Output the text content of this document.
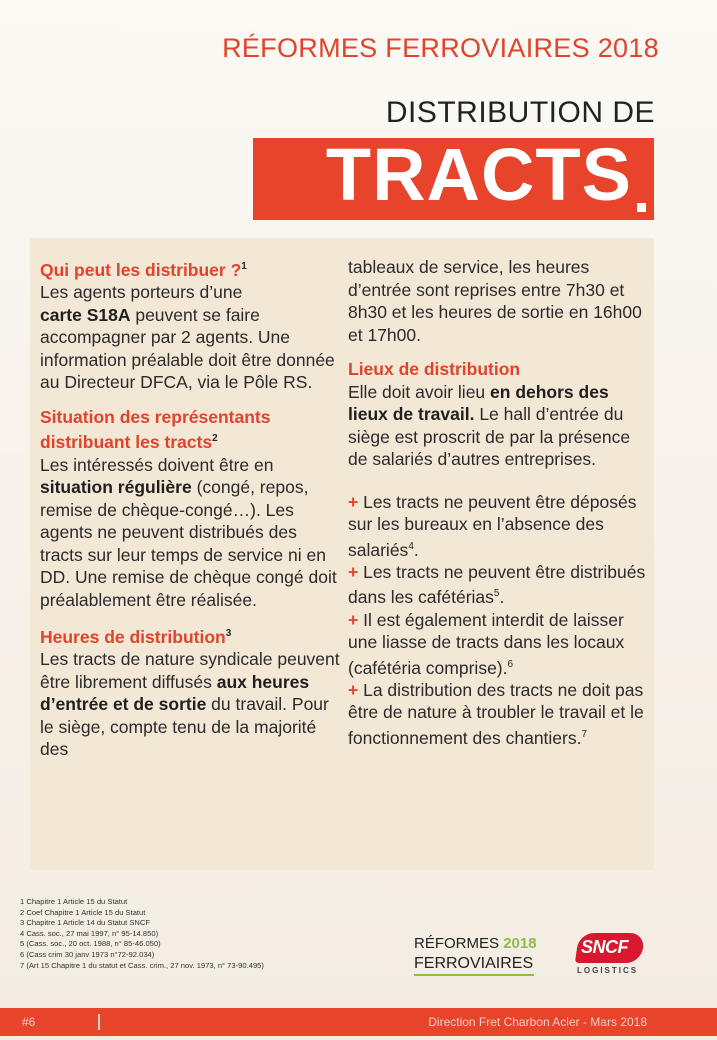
RÉFORMES FERROVIAIRES 2018
DISTRIBUTION DE
TRACTS
Qui peut les distribuer ?$^1$

Les agents porteurs d’une
carte S18A peuvent se faire accompagner par 2 agents. Une information préalable doit être donnée au Directeur DFCA, via le Pôle RS.

Situation des représentants distribuant les tracts$^2$

Les intéressés doivent être en situation régulière (congé, repos, remise de chèque-congé…). Les agents ne peuvent distribués des tracts sur leur temps de service ni en DD. Une remise de chèque congé doit préalablement être réalisée.

Heures de distribution$^3$

Les tracts de nature syndicale peuvent être librement diffusés aux heures d’entrée et de sortie du travail. Pour le siège, compte tenu de la majorité des

tableaux de service, les heures d’entrée sont reprises entre 7h30 et 8h30 et les heures de sortie en 16h00 et 17h00.

Lieux de distribution

Elle doit avoir lieu en dehors des lieux de travail. Le hall d’entrée du siège est proscrit de par la présence de salariés d’autres entreprises.

+ Les tracts ne peuvent être déposés sur les bureaux en l’absence des salariés$^4$.

+ Les tracts ne peuvent être distribués dans les cafétérias$^5$.

+ Il est également interdit de laisser une liasse de tracts dans les locaux (cafétéria comprise).$^6$

+ La distribution des tracts ne doit pas être de nature à troubler le travail et le fonctionnement des chantiers.$^7$

1 Chapitre 1 Article 15 du Statut
2 Coef Chapitre 1 Article 15 du Statut
3 Chapitre 1 Article 14 du Statut SNCF
4 Cass. soc., 27 mai 1997, n° 95-14.850)
5 (Cass. soc., 20 oct. 1988, n° 85-46.050)
6 (Cass crim 30 janv 1973 n°72-92.034)
7 (Art 15 Chapitre 1 du statut et Cass. crim., 27 nov. 1973, n° 73-90.495)
RÉFORMES 2018
FERROVIAIRES
SNCF
LOGISTICS
#6	Direction Fret Charbon Acier - Mars 2018
